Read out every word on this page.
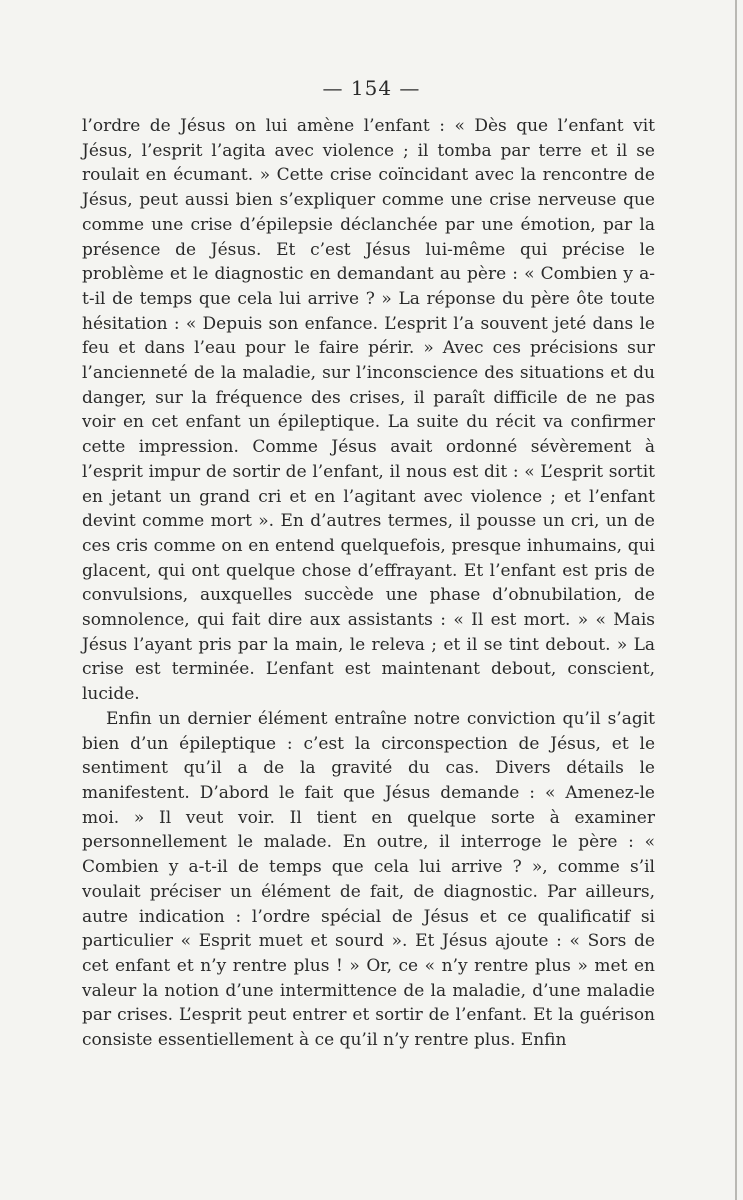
— 154 —

l’ordre de Jésus on lui amène l’enfant : « Dès que l’enfant vit Jésus, l’esprit l’agita avec violence ; il tomba par terre et il se roulait en écumant. » Cette crise coïncidant avec la rencontre de Jésus, peut aussi bien s’expliquer comme une crise nerveuse que comme une crise d’épilepsie déclanchée par une émotion, par la présence de Jésus. Et c’est Jésus lui-même qui précise le problème et le diagnostic en demandant au père : « Combien y a-t-il de temps que cela lui arrive ? » La réponse du père ôte toute hésitation : « Depuis son enfance. L’esprit l’a souvent jeté dans le feu et dans l’eau pour le faire périr. » Avec ces précisions sur l’ancienneté de la maladie, sur l’inconscience des situations et du danger, sur la fréquence des crises, il paraît difficile de ne pas voir en cet enfant un épileptique. La suite du récit va confirmer cette impression. Comme Jésus avait ordonné sévèrement à l’esprit impur de sortir de l’enfant, il nous est dit : « L’esprit sortit en jetant un grand cri et en l’agitant avec violence ; et l’enfant devint comme mort ». En d’autres termes, il pousse un cri, un de ces cris comme on en entend quelquefois, presque inhumains, qui glacent, qui ont quelque chose d’effrayant. Et l’enfant est pris de convulsions, auxquelles succède une phase d’obnubilation, de somnolence, qui fait dire aux assistants : « Il est mort. » « Mais Jésus l’ayant pris par la main, le releva ; et il se tint debout. » La crise est terminée. L’enfant est maintenant debout, conscient, lucide.

Enfin un dernier élément entraîne notre conviction qu’il s’agit bien d’un épileptique : c’est la circonspection de Jésus, et le sentiment qu’il a de la gravité du cas. Divers détails le manifestent. D’abord le fait que Jésus demande : « Amenez-le moi. » Il veut voir. Il tient en quelque sorte à examiner personnellement le malade. En outre, il interroge le père : « Combien y a-t-il de temps que cela lui arrive ? », comme s’il voulait préciser un élément de fait, de diagnostic. Par ailleurs, autre indication : l’ordre spécial de Jésus et ce qualificatif si particulier « Esprit muet et sourd ». Et Jésus ajoute : « Sors de cet enfant et n’y rentre plus ! » Or, ce « n’y rentre plus » met en valeur la notion d’une intermittence de la maladie, d’une maladie par crises. L’esprit peut entrer et sortir de l’enfant. Et la guérison consiste essentiellement à ce qu’il n’y rentre plus. Enfin
